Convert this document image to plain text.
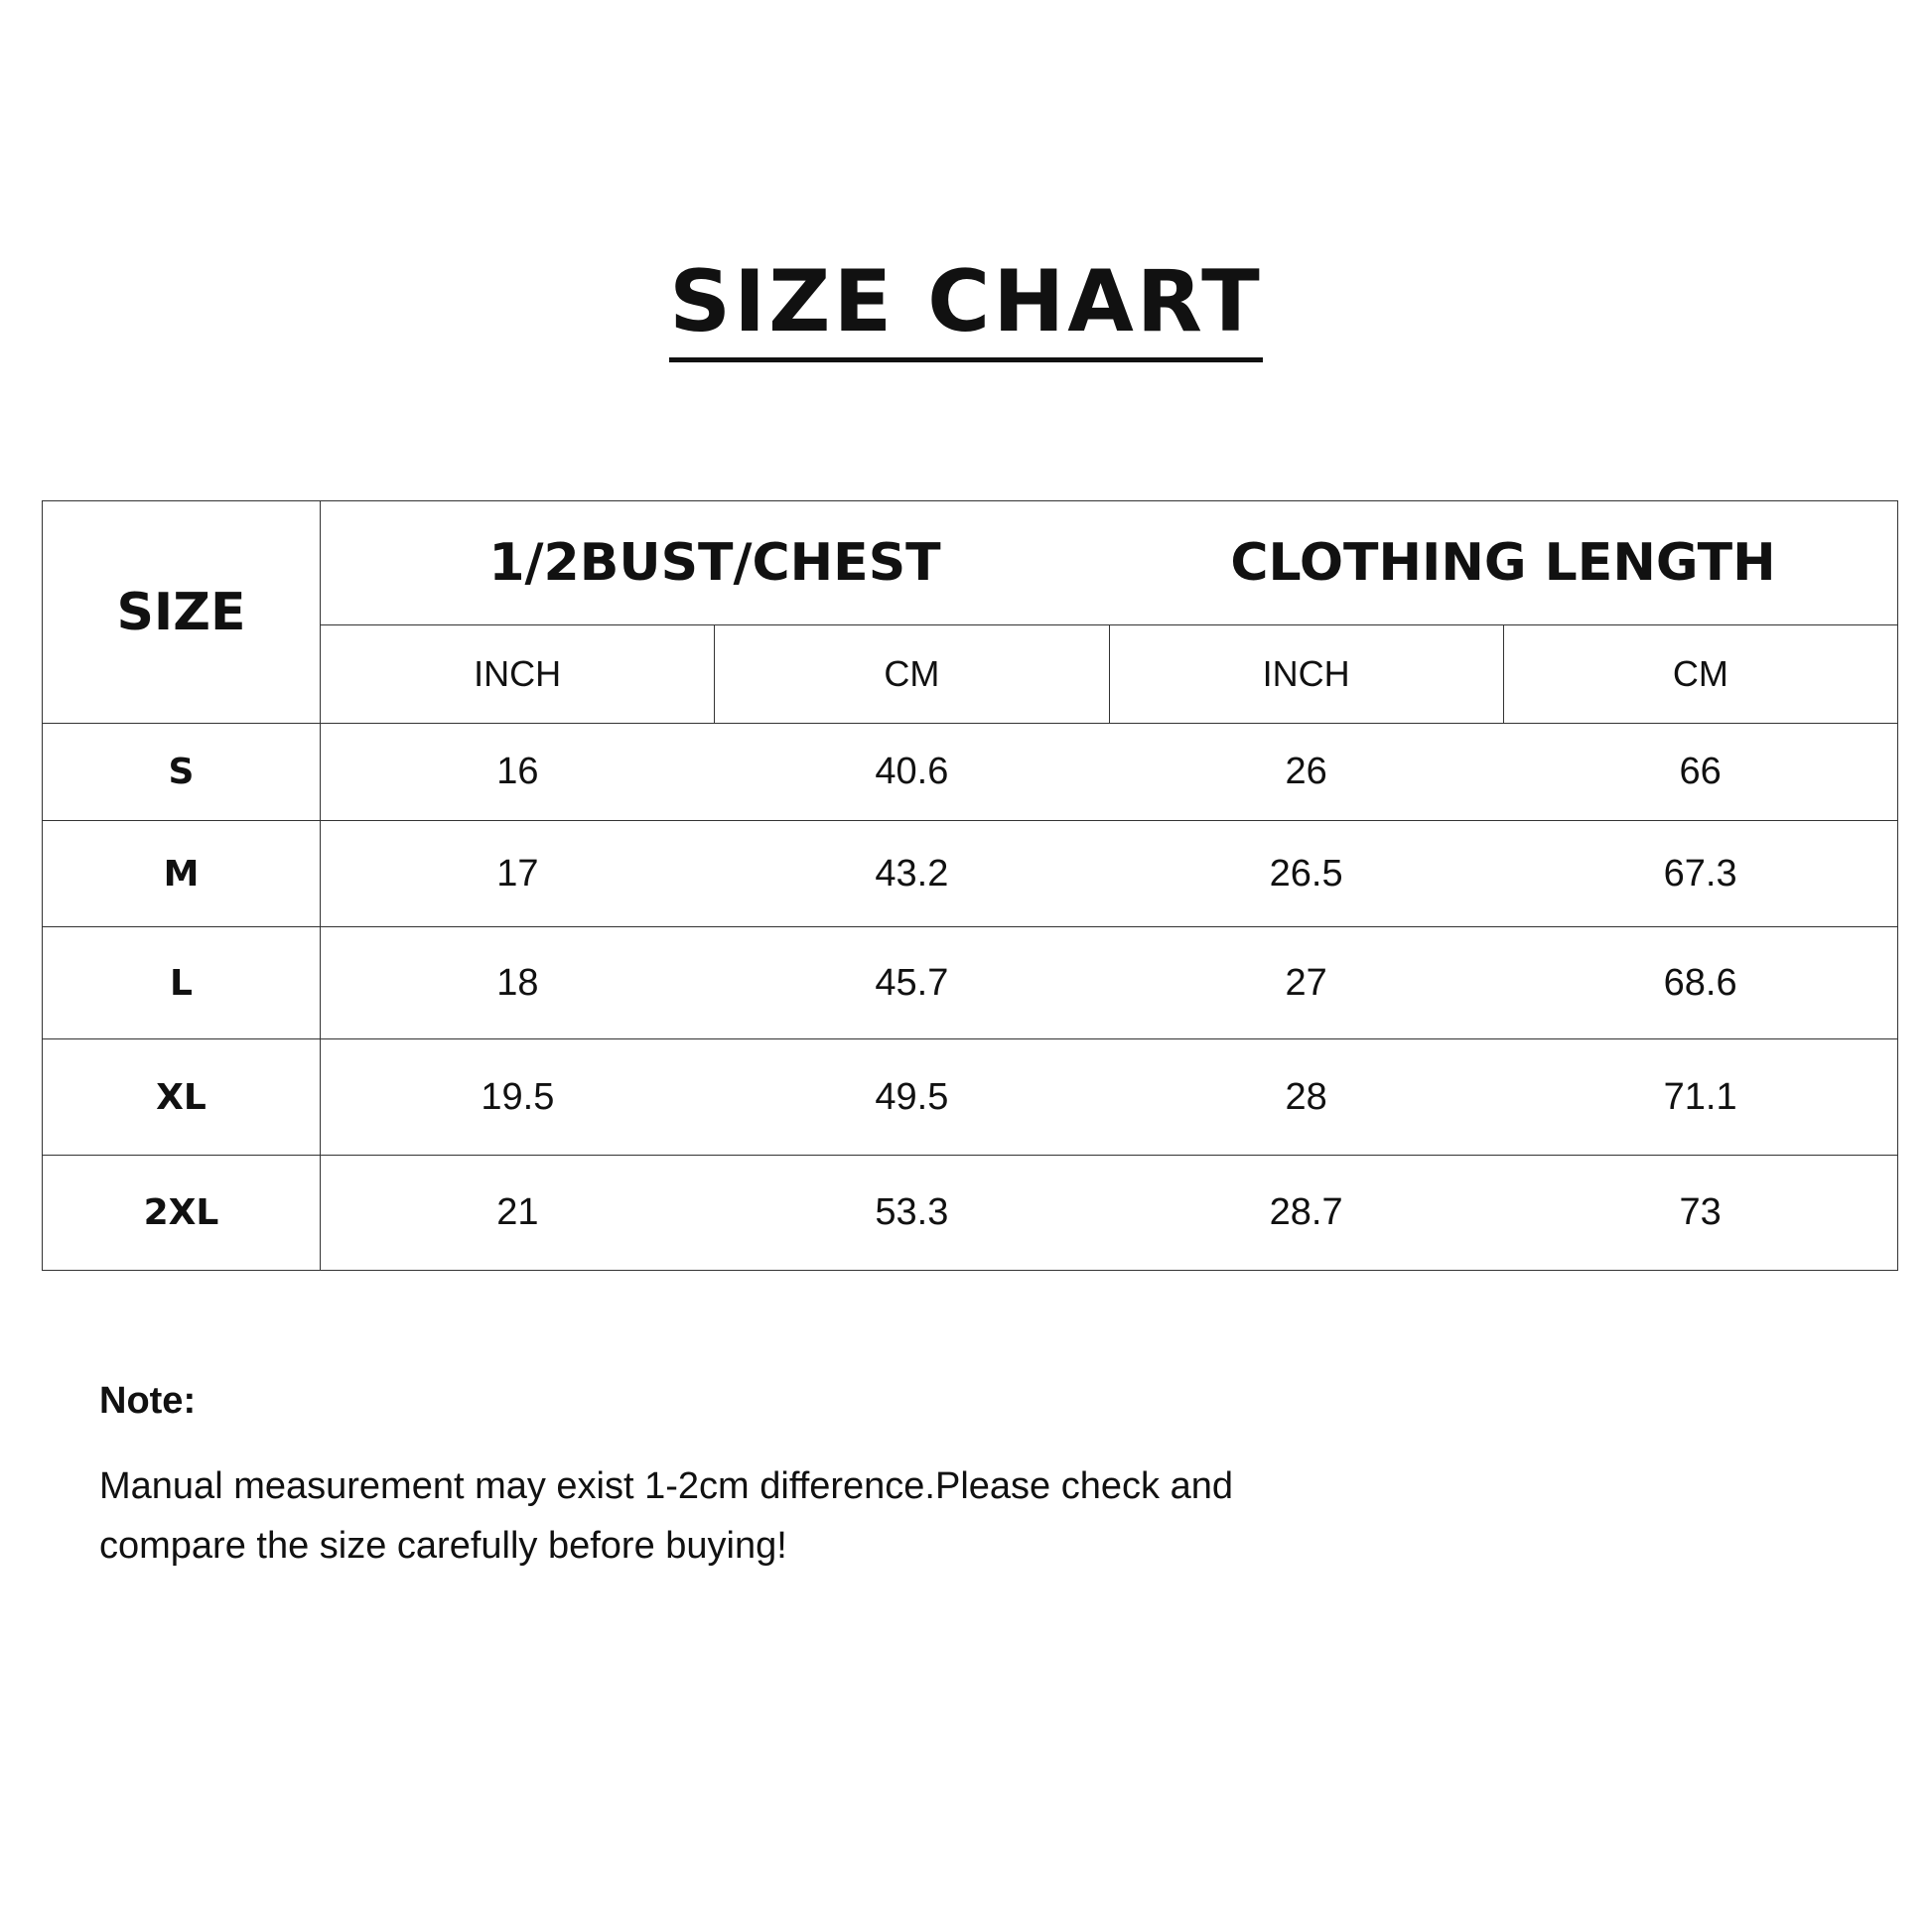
SIZE CHART
SIZE	1/2BUST/CHEST		CLOTHING LENGTH	
	INCH	CM	INCH	CM
S	16	40.6	26	66
M	17	43.2	26.5	67.3
L	18	45.7	27	68.6
XL	19.5	49.5	28	71.1
2XL	21	53.3	28.7	73
Note:
Manual measurement may exist 1-2cm difference.Please check and
compare the size carefully before buying!
